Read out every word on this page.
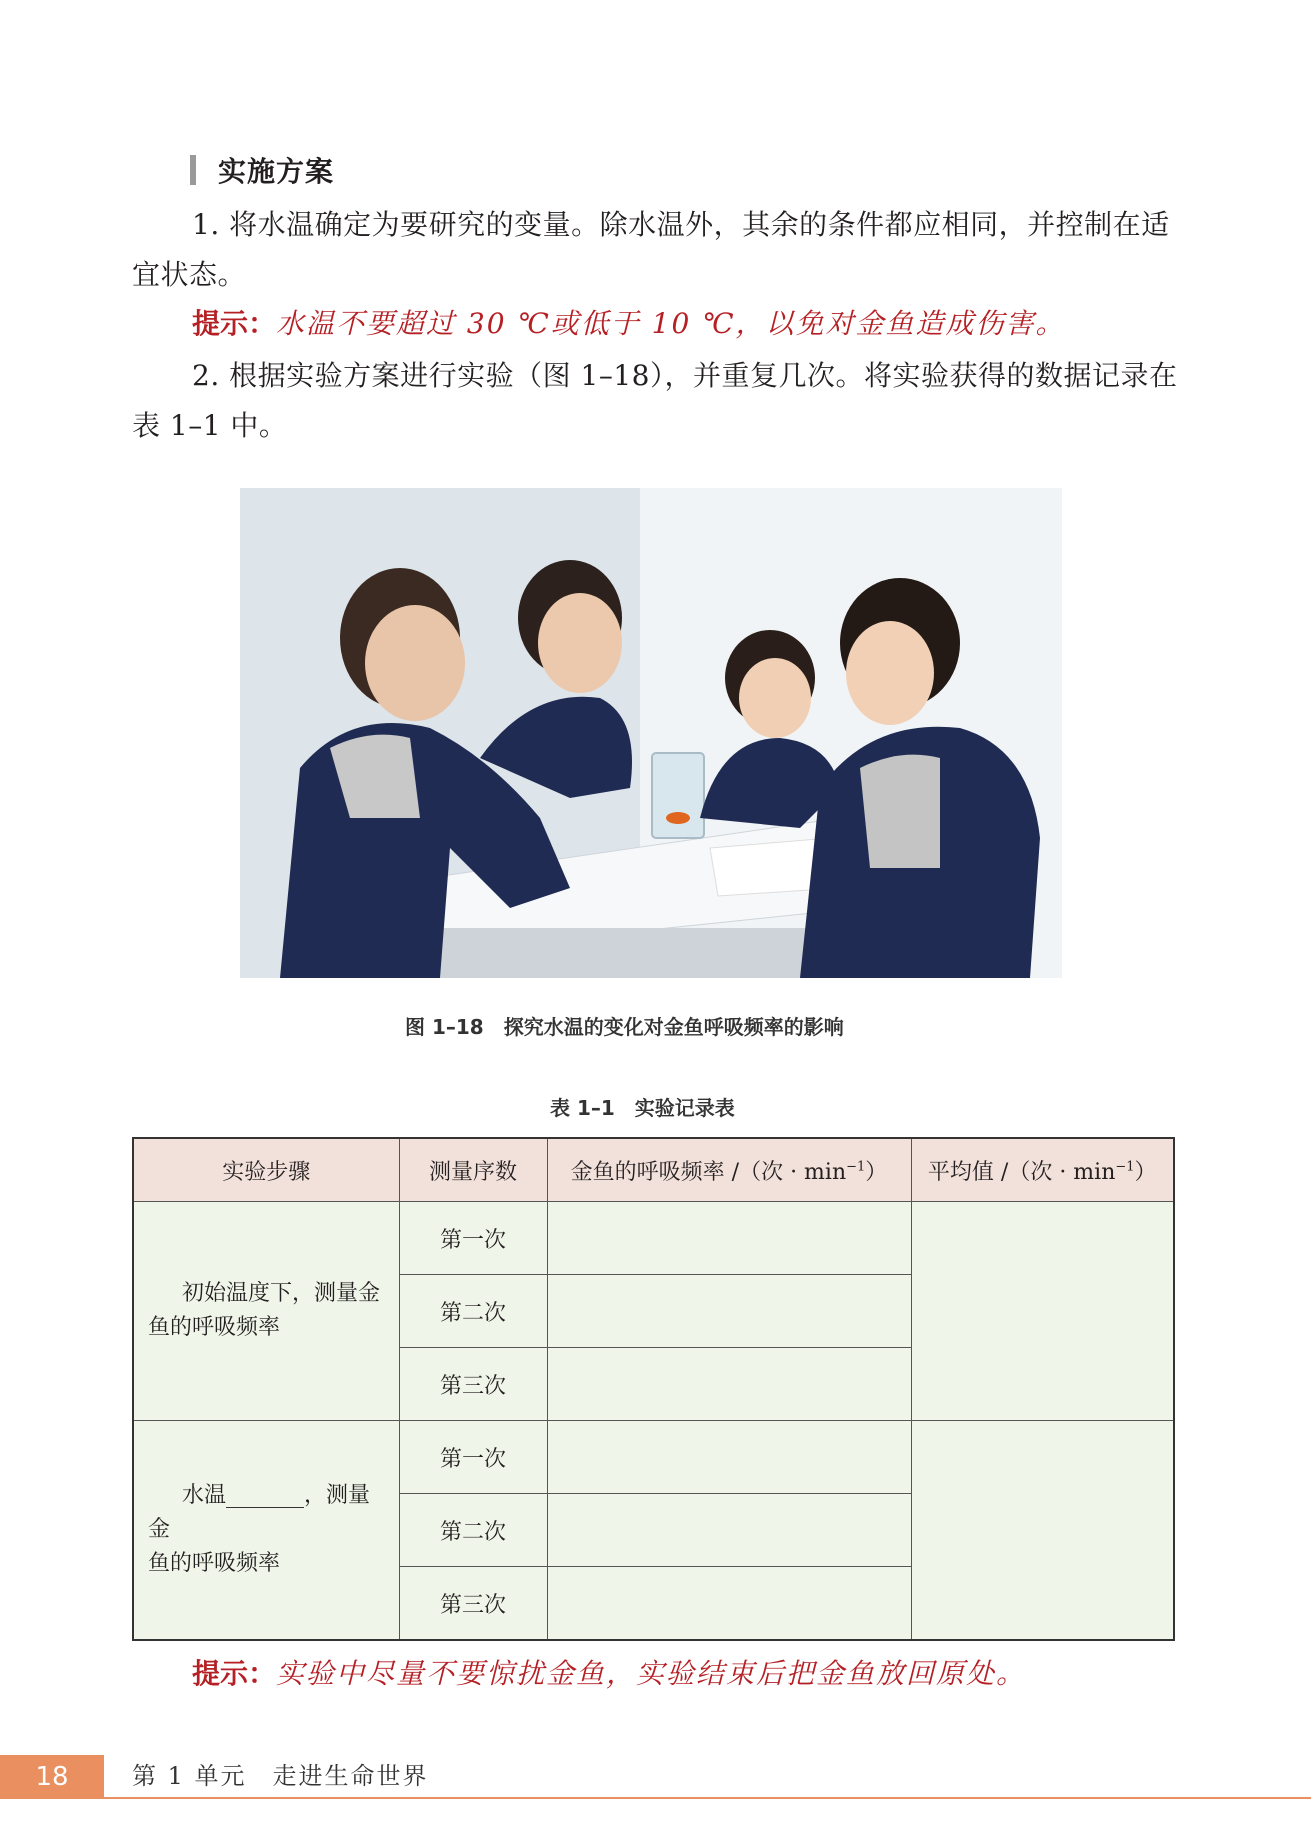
实施方案

1. 将水温确定为要研究的变量。除水温外，其余的条件都应相同，并控制在适宜状态。

提示：水温不要超过 30 ℃或低于 10 ℃，以免对金鱼造成伤害。

2. 根据实验方案进行实验（图 1–18），并重复几次。将实验获得的数据记录在表 1–1 中。

图 1–18　探究水温的变化对金鱼呼吸频率的影响
表 1–1　实验记录表
实验步骤	测量序数	金鱼的呼吸频率 /（次 · $\min^{-1}$）	平均值 /（次 · $\min^{-1}$）
初始温度下，测量金
鱼的呼吸频率	第一次		
	第二次		
	第三次		
水温 ，测量金
鱼的呼吸频率	第一次		
	第二次		
	第三次		
提示：实验中尽量不要惊扰金鱼，实验结束后把金鱼放回原处。
18	第 1 单元　走进生命世界
